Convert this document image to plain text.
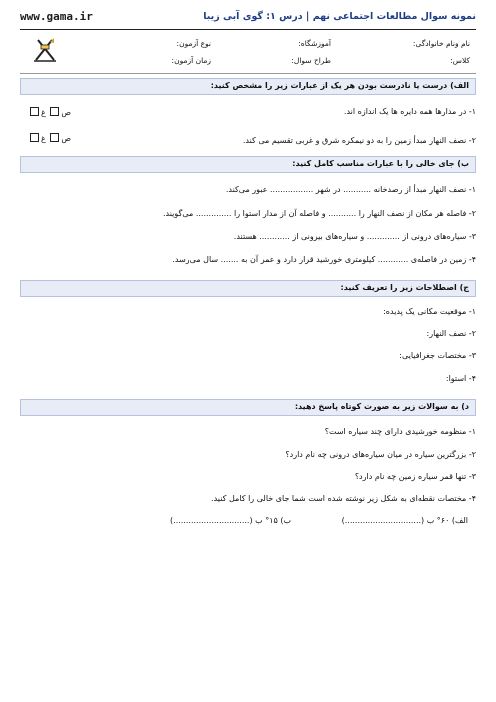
www.gama.ir	نمونه سوال مطالعات اجتماعی نهم | درس ۱: گوی آبی زیبا
نام ونام خانوادگی:
آموزشگاه:
نوع آزمون:
کلاس:
طراح سوال:
زمان آزمون:
الف) درست یا نادرست بودن هر یک از عبارات زیر را مشخص کنید:
۱- در مدارها همه دایره ها یک اندازه اند.
ص غ
۲- نصف النهار مبدأ زمین را به دو نیمکره شرق و غربی تقسیم می کند.
ص غ
ب) جای خالی را با عبارات مناسب کامل کنید:
۱- نصف النهار مبدأ از رصدخانه ........... در شهر ................. عبور می‌کند.
۲- فاصله هر مکان از نصف النهار را ........... و فاصله آن از مدار استوا را .............. می‌گویند.
۳- سیاره‌های درونی از ............. و سیاره‌های بیرونی از ............ هستند.
۴- زمین در فاصله‌ی ............ کیلومتری خورشید قرار دارد و عمر آن به ....... سال می‌رسد.
ج) اصطلاحات زیر را تعریف کنید:
۱- موقعیت مکانی یک پدیده:
۲- نصف النهار:
۳- مختصات جغرافیایی:
۴- استوا:
د) به سوالات زیر به صورت کوتاه پاسخ دهید:
۱- منظومه خورشیدی دارای چند سیاره است؟
۲- بزرگترین سیاره در میان سیاره‌های درونی چه نام دارد؟
۳- تنها قمر سیاره زمین چه نام دارد؟
۴- مختصات نقطه‌ای به شکل زیر نوشته شده است شما جای خالی را کامل کنید.
الف) ۶۰° ب (..............................)
ب) ۱۵° ب (..............................)
